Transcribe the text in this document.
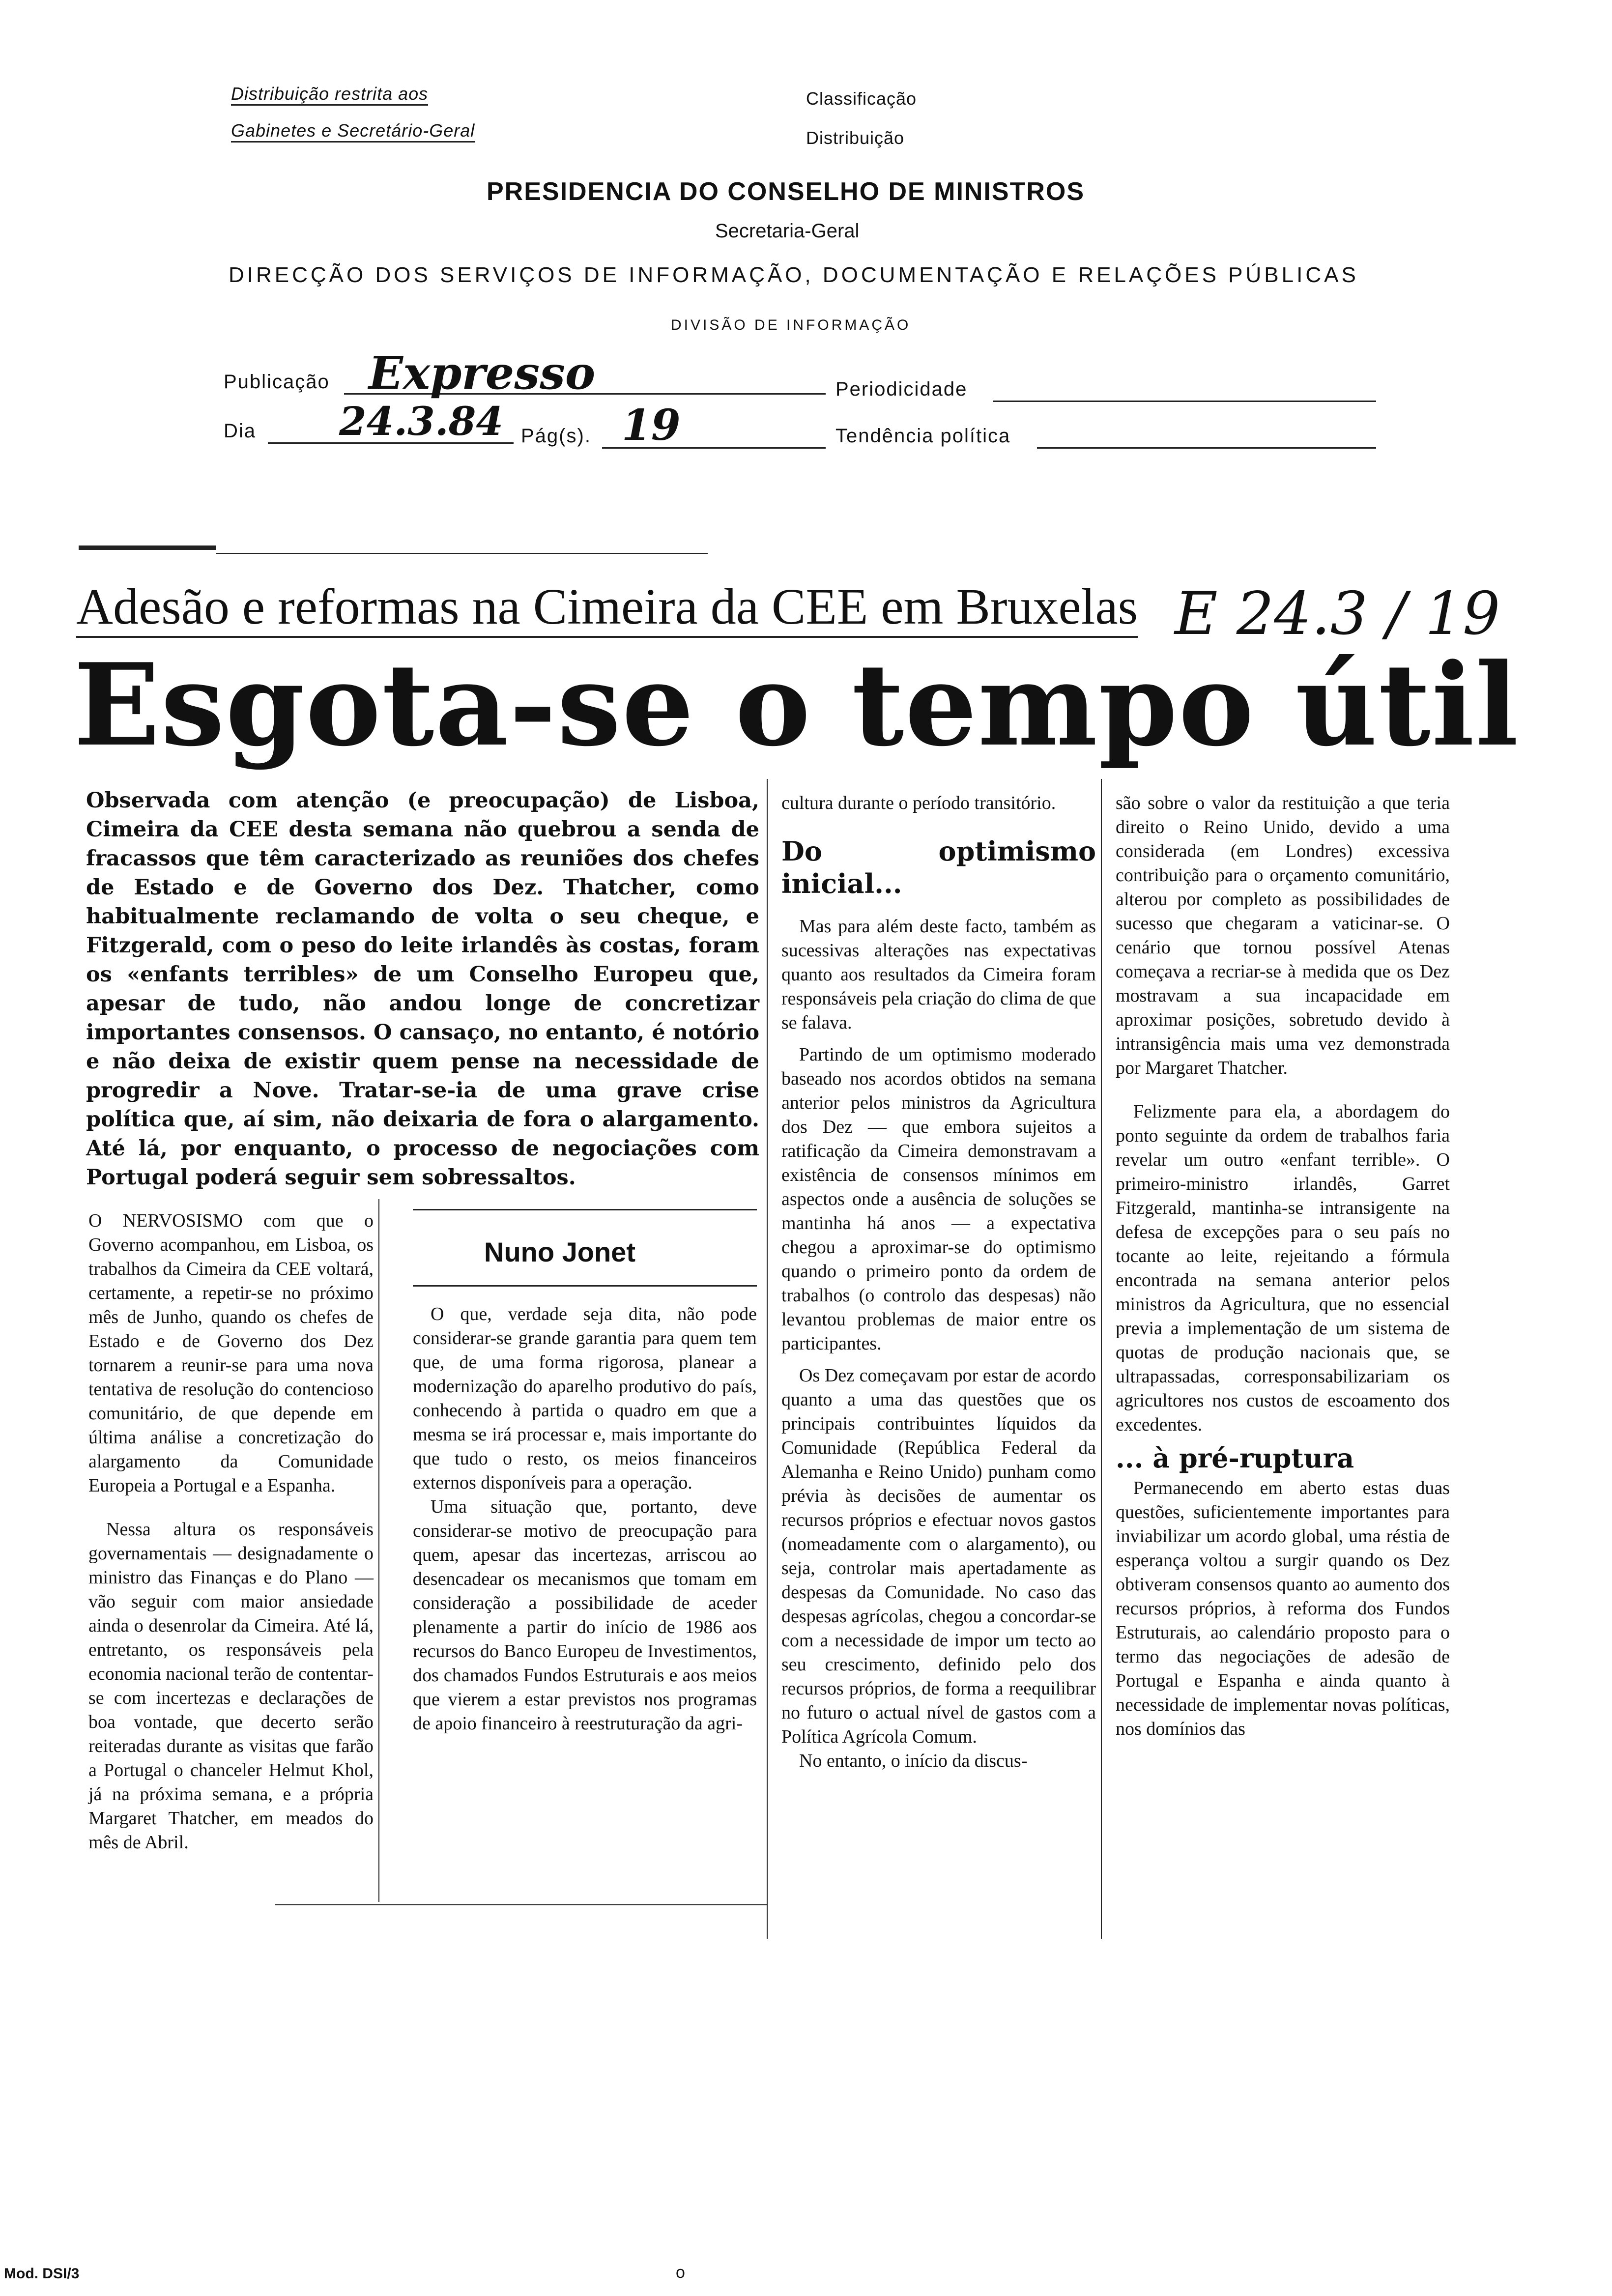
Distribuição restrita aos
Gabinetes e Secretário-Geral
Classificação
Distribuição
PRESIDENCIA DO CONSELHO DE MINISTROS
Secretaria-Geral
DIRECÇÃO DOS SERVIÇOS DE INFORMAÇÃO, DOCUMENTAÇÃO E RELAÇÕES PÚBLICAS
DIVISÃO DE INFORMAÇÃO
Publicação Expresso	Periodicidade
Dia 24.3.84 Pág(s). 19	Tendência política
E 24.3 / 19
Adesão e reformas na Cimeira da CEE em Bruxelas
Esgota-se o tempo útil
Observada com atenção (e preocupação) de Lisboa, Cimeira da CEE desta semana não quebrou a senda de fracassos que têm caracterizado as reuniões dos chefes de Estado e de Governo dos Dez. Thatcher, como habitualmente reclamando de volta o seu cheque, e Fitzgerald, com o peso do leite irlandês às costas, foram os «enfants terribles» de um Conselho Europeu que, apesar de tudo, não andou longe de concretizar importantes consensos. O cansaço, no entanto, é notório e não deixa de existir quem pense na necessidade de progredir a Nove. Tratar-se-ia de uma grave crise política que, aí sim, não deixaria de fora o alargamento. Até lá, por enquanto, o processo de negociações com Portugal poderá seguir sem sobressaltos.

O NERVOSISMO com que o Governo acompanhou, em Lisboa, os trabalhos da Cimeira da CEE voltará, certamente, a repetir-se no próximo mês de Junho, quando os chefes de Estado e de Governo dos Dez tornarem a reunir-se para uma nova tentativa de resolução do contencioso comunitário, de que depende em última análise a concretização do alargamento da Comunidade Europeia a Portugal e a Espanha.

Nessa altura os responsáveis governamentais — designadamente o ministro das Finanças e do Plano — vão seguir com maior ansiedade ainda o desenrolar da Cimeira. Até lá, entretanto, os responsáveis pela economia nacional terão de contentar-se com incertezas e declarações de boa vontade, que decerto serão reiteradas durante as visitas que farão a Portugal o chanceler Helmut Khol, já na próxima semana, e a própria Margaret Thatcher, em meados do mês de Abril.

Nuno Jonet

O que, verdade seja dita, não pode considerar-se grande garantia para quem tem que, de uma forma rigorosa, planear a modernização do aparelho produtivo do país, conhecendo à partida o quadro em que a mesma se irá processar e, mais importante do que tudo o resto, os meios financeiros externos disponíveis para a operação.

Uma situação que, portanto, deve considerar-se motivo de preocupação para quem, apesar das incertezas, arriscou ao desencadear os mecanismos que tomam em consideração a possibilidade de aceder plenamente a partir do início de 1986 aos recursos do Banco Europeu de Investimentos, dos chamados Fundos Estruturais e aos meios que vierem a estar previstos nos programas de apoio financeiro à reestruturação da agri-

cultura durante o período transitório.

Do optimismo inicial...

Mas para além deste facto, também as sucessivas alterações nas expectativas quanto aos resultados da Cimeira foram responsáveis pela criação do clima de que se falava.

Partindo de um optimismo moderado baseado nos acordos obtidos na semana anterior pelos ministros da Agricultura dos Dez — que embora sujeitos a ratificação da Cimeira demonstravam a existência de consensos mínimos em aspectos onde a ausência de soluções se mantinha há anos — a expectativa chegou a aproximar-se do optimismo quando o primeiro ponto da ordem de trabalhos (o controlo das despesas) não levantou problemas de maior entre os participantes.

Os Dez começavam por estar de acordo quanto a uma das questões que os principais contribuintes líquidos da Comunidade (República Federal da Alemanha e Reino Unido) punham como prévia às decisões de aumentar os recursos próprios e efectuar novos gastos (nomeadamente com o alargamento), ou seja, controlar mais apertadamente as despesas da Comunidade. No caso das despesas agrícolas, chegou a concordar-se com a necessidade de impor um tecto ao seu crescimento, definido pelo dos recursos próprios, de forma a reequilibrar no futuro o actual nível de gastos com a Política Agrícola Comum.

No entanto, o início da discus-

são sobre o valor da restituição a que teria direito o Reino Unido, devido a uma considerada (em Londres) excessiva contribuição para o orçamento comunitário, alterou por completo as possibilidades de sucesso que chegaram a vaticinar-se. O cenário que tornou possível Atenas começava a recriar-se à medida que os Dez mostravam a sua incapacidade em aproximar posições, sobretudo devido à intransigência mais uma vez demonstrada por Margaret Thatcher.

Felizmente para ela, a abordagem do ponto seguinte da ordem de trabalhos faria revelar um outro «enfant terrible». O primeiro-ministro irlandês, Garret Fitzgerald, mantinha-se intransigente na defesa de excepções para o seu país no tocante ao leite, rejeitando a fórmula encontrada na semana anterior pelos ministros da Agricultura, que no essencial previa a implementação de um sistema de quotas de produção nacionais que, se ultrapassadas, corresponsabilizariam os agricultores nos custos de escoamento dos excedentes.

... à pré-ruptura

Permanecendo em aberto estas duas questões, suficientemente importantes para inviabilizar um acordo global, uma réstia de esperança voltou a surgir quando os Dez obtiveram consensos quanto ao aumento dos recursos próprios, à reforma dos Fundos Estruturais, ao calendário proposto para o termo das negociações de adesão de Portugal e Espanha e ainda quanto à necessidade de implementar novas políticas, nos domínios das

Mod. DSI/3	o
